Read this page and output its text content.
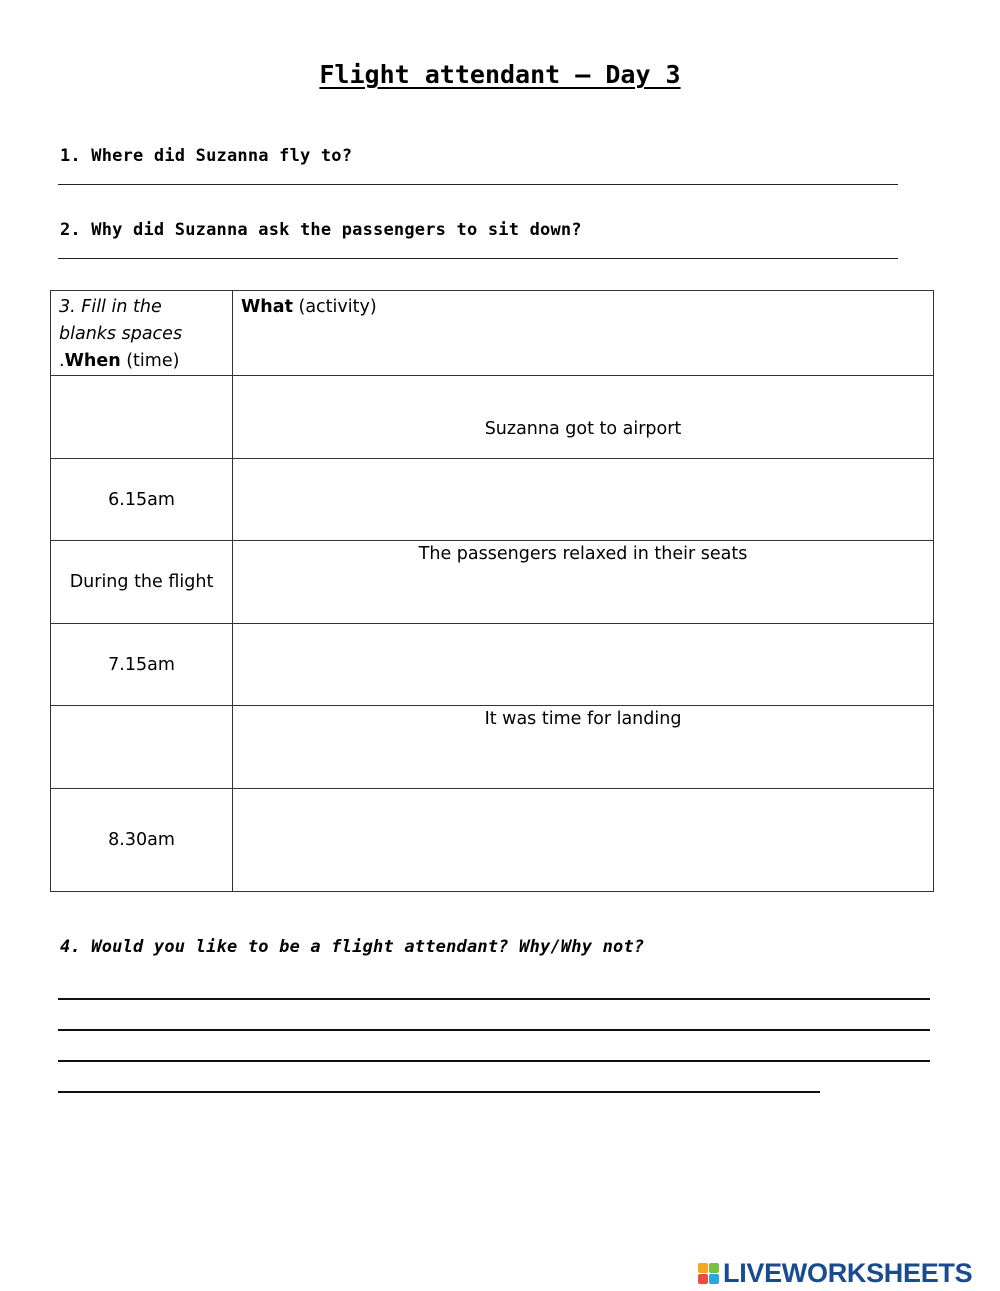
Flight attendant – Day 3
1. Where did Suzanna fly to?
2. Why did Suzanna ask the passengers to sit down?
3. Fill in the blanks spaces
.When (time)	What (activity)
	Suzanna got to airport
6.15am	
During the flight	The passengers relaxed in their seats
7.15am	
	It was time for landing
8.30am	
4. Would you like to be a flight attendant? Why/Why not?
LIVEWORKSHEETS
